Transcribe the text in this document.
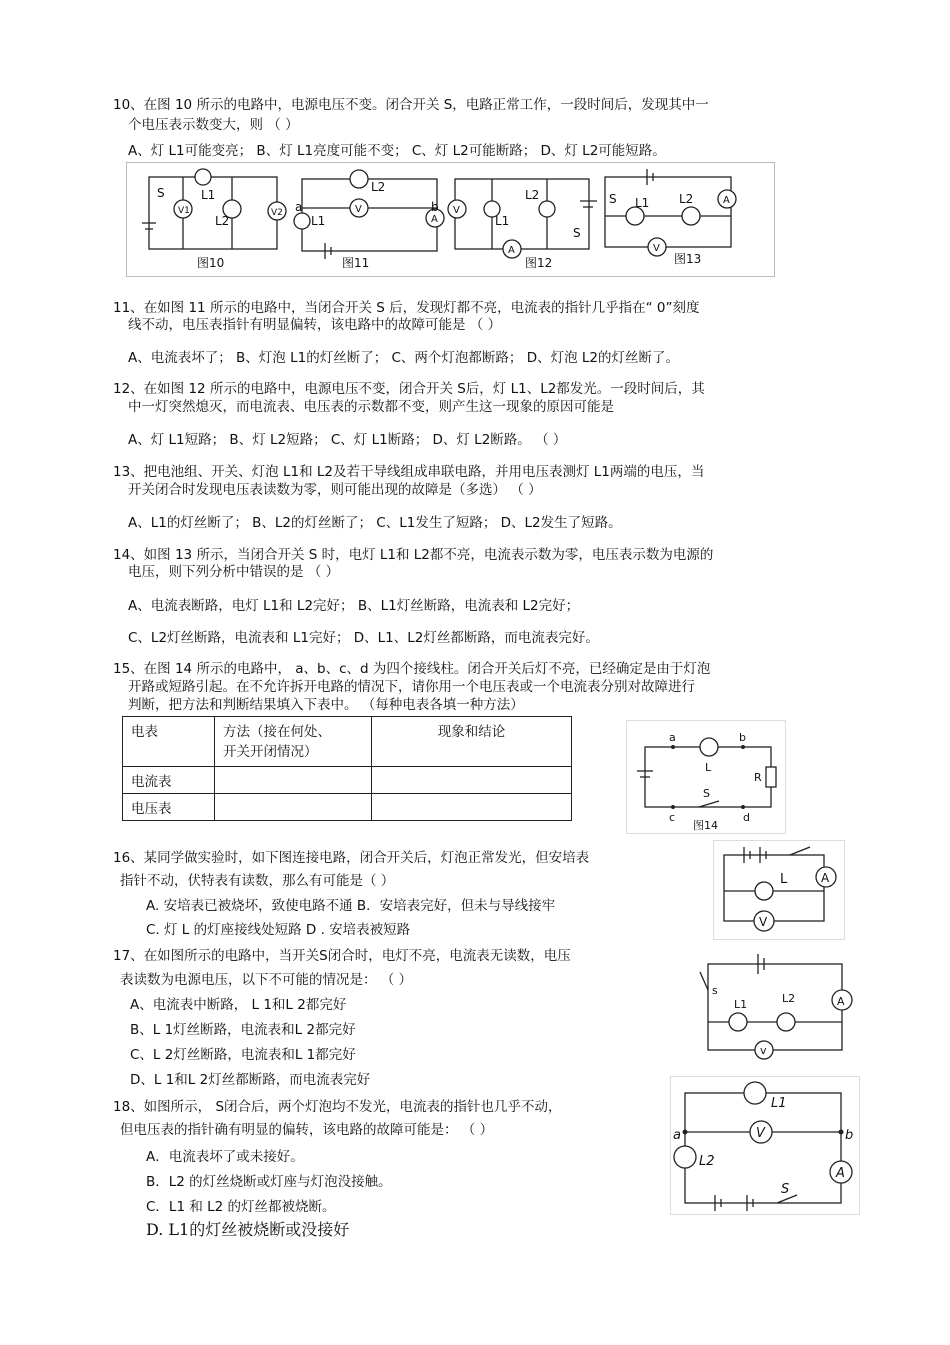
10、在图 10 所示的电路中，电源电压不变。闭合开关 S，电路正常工作，一段时间后，发现其中一
个电压表示数变大，则 （ ）
A、灯 L1可能变亮； B、灯 L1亮度可能不变； C、灯 L2可能断路； D、灯 L2可能短路。
S
V1
L1
L2
V2
图10
L2
V
a
L1
b
A
图11
V
L1
L2
A
S
图12
S L1 L2	A
V
图13
11、在如图 11 所示的电路中，当闭合开关 S 后，发现灯都不亮，电流表的指针几乎指在“ 0”刻度
线不动，电压表指针有明显偏转，该电路中的故障可能是 （ ）
A、电流表坏了； B、灯泡 L1的灯丝断了； C、两个灯泡都断路； D、灯泡 L2的灯丝断了。
12、在如图 12 所示的电路中，电源电压不变，闭合开关 S后，灯 L1、L2都发光。一段时间后，其
中一灯突然熄灭，而电流表、电压表的示数都不变，则产生这一现象的原因可能是
A、灯 L1短路； B、灯 L2短路； C、灯 L1断路； D、灯 L2断路。 （ ）
13、把电池组、开关、灯泡 L1和 L2及若干导线组成串联电路，并用电压表测灯 L1两端的电压，当
开关闭合时发现电压表读数为零，则可能出现的故障是（多选） （ ）
A、L1的灯丝断了； B、L2的灯丝断了； C、L1发生了短路； D、L2发生了短路。
14、如图 13 所示，当闭合开关 S 时，电灯 L1和 L2都不亮，电流表示数为零，电压表示数为电源的
电压，则下列分析中错误的是 （ ）
A、电流表断路，电灯 L1和 L2完好； B、L1灯丝断路，电流表和 L2完好；
C、L2灯丝断路，电流表和 L1完好； D、L1、L2灯丝都断路，而电流表完好。
15、在图 14 所示的电路中， a、b、c、d 为四个接线柱。闭合开关后灯不亮，已经确定是由于灯泡
开路或短路引起。在不允许拆开电路的情况下，请你用一个电压表或一个电流表分别对故障进行
判断，把方法和判断结果填入下表中。 （每种电表各填一种方法）
电表	方法（接在何处、
开关开闭情况）	现象和结论
电流表		
电压表		
a	b
L
R
S
c	d
图14
16、某同学做实验时，如下图连接电路，闭合开关后，灯泡正常发光，但安培表
指针不动，伏特表有读数，那么有可能是（ ）
A. 安培表已被烧坏，致使电路不通 B．安培表完好，但未与导线接牢
C. 灯 L 的灯座接线处短路 D . 安培表被短路
L	A
V
17、在如图所示的电路中，当开关S闭合时，电灯不亮，电流表无读数，电压
表读数为电源电压，以下不可能的情况是： （ ）
A、电流表中断路， L 1和L 2都完好
B、L 1灯丝断路，电流表和L 2都完好
C、L 2灯丝断路，电流表和L 1都完好
D、L 1和L 2灯丝都断路，而电流表完好
s
L1	L2	A
v
18、如图所示， S闭合后，两个灯泡均不发光，电流表的指针也几乎不动，
但电压表的指针确有明显的偏转，该电路的故障可能是： （ ）
A．电流表坏了或未接好。
B．L2 的灯丝烧断或灯座与灯泡没接触。
C．L1 和 L2 的灯丝都被烧断。
D. L1的灯丝被烧断或没接好
L1
V
a	b
L2
A
S
